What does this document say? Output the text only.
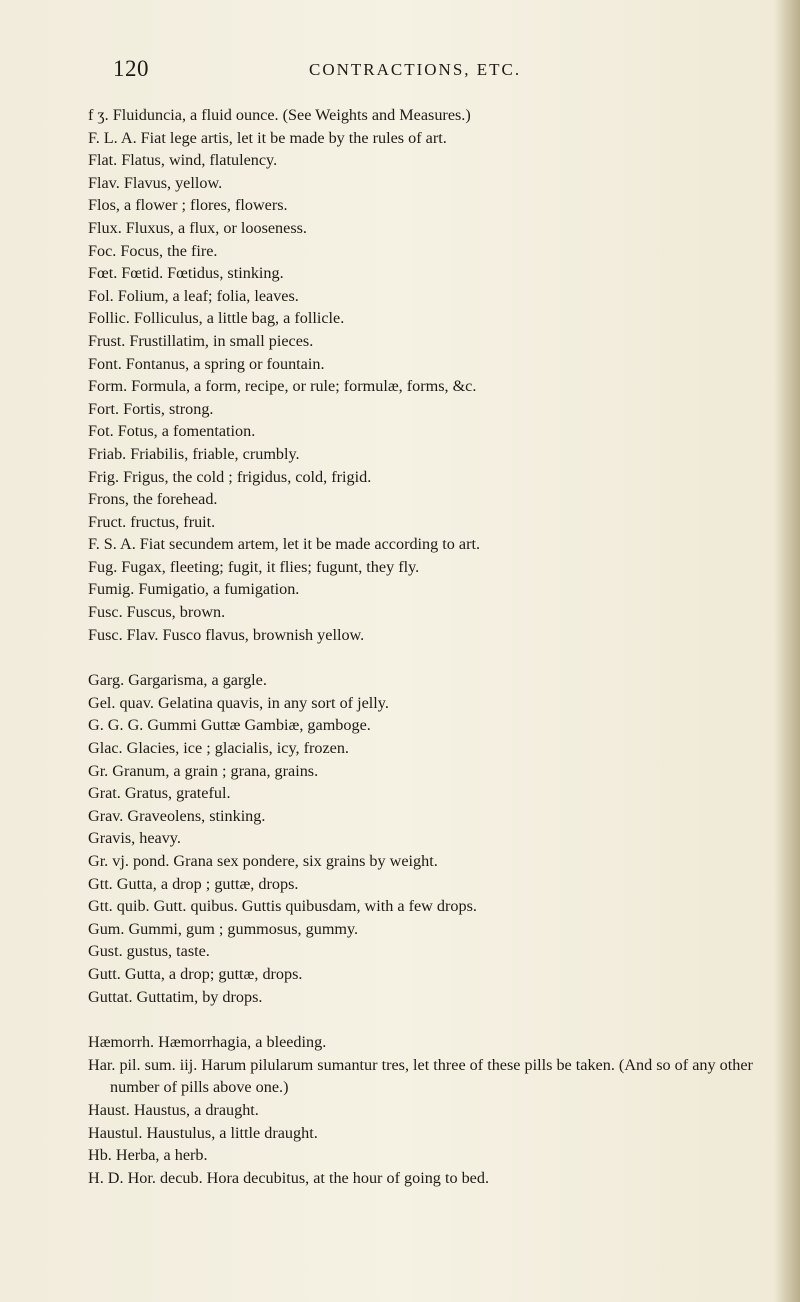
120	CONTRACTIONS, ETC.

f ʒ. Fluiduncia, a fluid ounce. (See Weights and Measures.)

F. L. A. Fiat lege artis, let it be made by the rules of art.

Flat. Flatus, wind, flatulency.

Flav. Flavus, yellow.

Flos, a flower ; flores, flowers.

Flux. Fluxus, a flux, or looseness.

Foc. Focus, the fire.

Fœt. Fœtid. Fœtidus, stinking.

Fol. Folium, a leaf; folia, leaves.

Follic. Folliculus, a little bag, a follicle.

Frust. Frustillatim, in small pieces.

Font. Fontanus, a spring or fountain.

Form. Formula, a form, recipe, or rule; formulæ, forms, &c.

Fort. Fortis, strong.

Fot. Fotus, a fomentation.

Friab. Friabilis, friable, crumbly.

Frig. Frigus, the cold ; frigidus, cold, frigid.

Frons, the forehead.

Fruct. fructus, fruit.

F. S. A. Fiat secundem artem, let it be made according to art.

Fug. Fugax, fleeting; fugit, it flies; fugunt, they fly.

Fumig. Fumigatio, a fumigation.

Fusc. Fuscus, brown.

Fusc. Flav. Fusco flavus, brownish yellow.

Garg. Gargarisma, a gargle.

Gel. quav. Gelatina quavis, in any sort of jelly.

G. G. G. Gummi Guttæ Gambiæ, gamboge.

Glac. Glacies, ice ; glacialis, icy, frozen.

Gr. Granum, a grain ; grana, grains.

Grat. Gratus, grateful.

Grav. Graveolens, stinking.

Gravis, heavy.

Gr. vj. pond. Grana sex pondere, six grains by weight.

Gtt. Gutta, a drop ; guttæ, drops.

Gtt. quib. Gutt. quibus. Guttis quibusdam, with a few drops.

Gum. Gummi, gum ; gummosus, gummy.

Gust. gustus, taste.

Gutt. Gutta, a drop; guttæ, drops.

Guttat. Guttatim, by drops.

Hæmorrh. Hæmorrhagia, a bleeding.

Har. pil. sum. iij. Harum pilularum sumantur tres, let three of these pills be taken. (And so of any other number of pills above one.)

Haust. Haustus, a draught.

Haustul. Haustulus, a little draught.

Hb. Herba, a herb.

H. D. Hor. decub. Hora decubitus, at the hour of going to bed.
